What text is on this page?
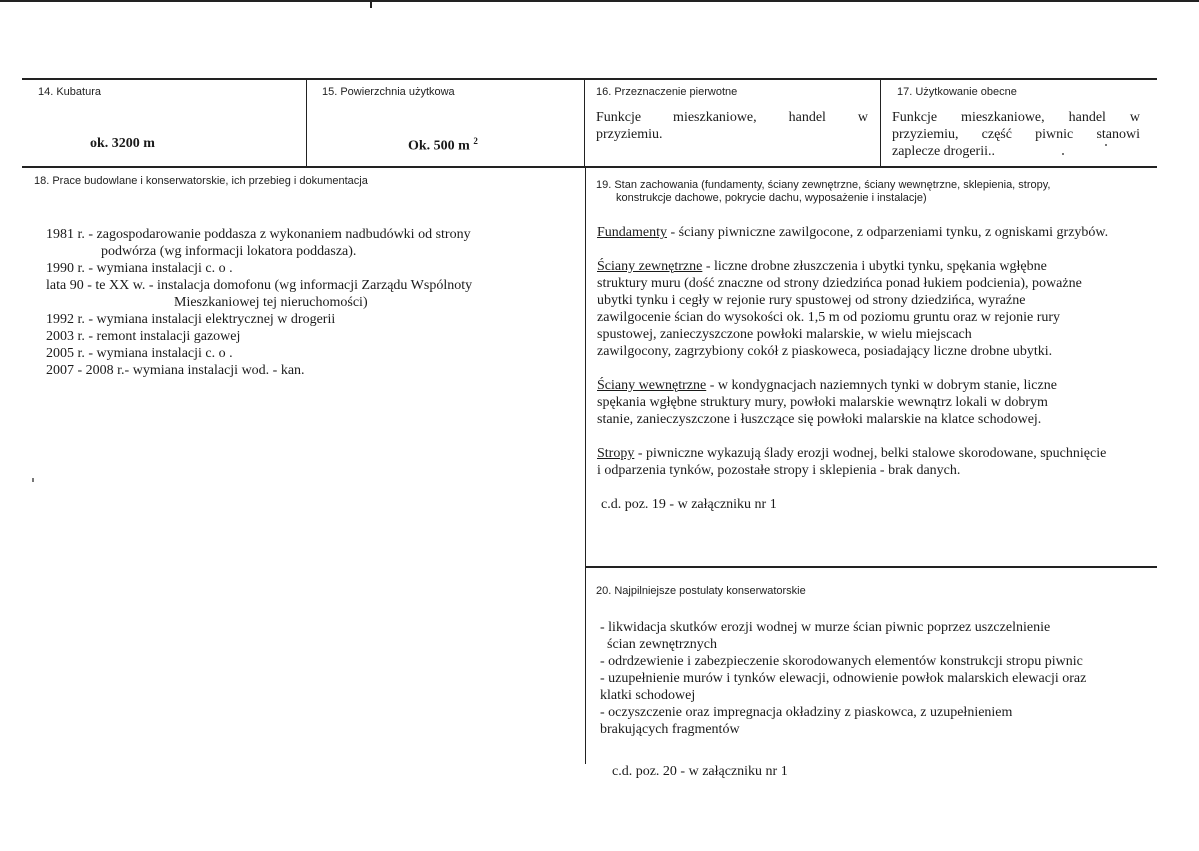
14. Kubatura
ok. 3200 m
15. Powierzchnia użytkowa
Ok. 500 m $^2$
16. Przeznaczenie pierwotne
Funkcje mieszkaniowe, handel w
przyziemiu.
17. Użytkowanie obecne
Funkcje mieszkaniowe, handel w
przyziemiu, część piwnic stanowi
zaplecze drogerii..
18. Prace budowlane i konserwatorskie, ich przebieg i dokumentacja
1981 r. - zagospodarowanie poddasza z wykonaniem nadbudówki od strony
podwórza (wg informacji lokatora poddasza).
1990 r. - wymiana instalacji c. o .
lata 90 - te XX w. - instalacja domofonu (wg informacji Zarządu Wspólnoty
Mieszkaniowej tej nieruchomości)
1992 r. - wymiana instalacji elektrycznej w drogerii
2003 r. - remont instalacji gazowej
2005 r. - wymiana instalacji c. o .
2007 - 2008 r.- wymiana instalacji wod. - kan.
19. Stan zachowania (fundamenty, ściany zewnętrzne, ściany wewnętrzne, sklepienia, stropy,
konstrukcje dachowe, pokrycie dachu, wyposażenie i instalacje)
Fundamenty - ściany piwniczne zawilgocone, z odparzeniami tynku, z ogniskami grzybów.
Ściany zewnętrzne - liczne drobne złuszczenia i ubytki tynku, spękania wgłębne
struktury muru (dość znaczne od strony dziedzińca ponad łukiem podcienia), poważne
ubytki tynku i cegły w rejonie rury spustowej od strony dziedzińca, wyraźne
zawilgocenie ścian do wysokości ok. 1,5 m od poziomu gruntu oraz w rejonie rury
spustowej, zanieczyszczone powłoki malarskie, w wielu miejscach
zawilgocony, zagrzybiony cokół z piaskoweca, posiadający liczne drobne ubytki.
Ściany wewnętrzne - w kondygnacjach naziemnych tynki w dobrym stanie, liczne
spękania wgłębne struktury mury, powłoki malarskie wewnątrz lokali w dobrym
stanie, zanieczyszczone i łuszczące się powłoki malarskie na klatce schodowej.
Stropy - piwniczne wykazują ślady erozji wodnej, belki stalowe skorodowane, spuchnięcie
i odparzenia tynków, pozostałe stropy i sklepienia - brak danych.
c.d. poz. 19 - w załączniku nr 1
20. Najpilniejsze postulaty konserwatorskie
- likwidacja skutków erozji wodnej w murze ścian piwnic poprzez uszczelnienie
ścian zewnętrznych
- odrdzewienie i zabezpieczenie skorodowanych elementów konstrukcji stropu piwnic
- uzupełnienie murów i tynków elewacji, odnowienie powłok malarskich elewacji oraz
klatki schodowej
- oczyszczenie oraz impregnacja okładziny z piaskowca, z uzupełnieniem
brakujących fragmentów
c.d. poz. 20 - w załączniku nr 1
